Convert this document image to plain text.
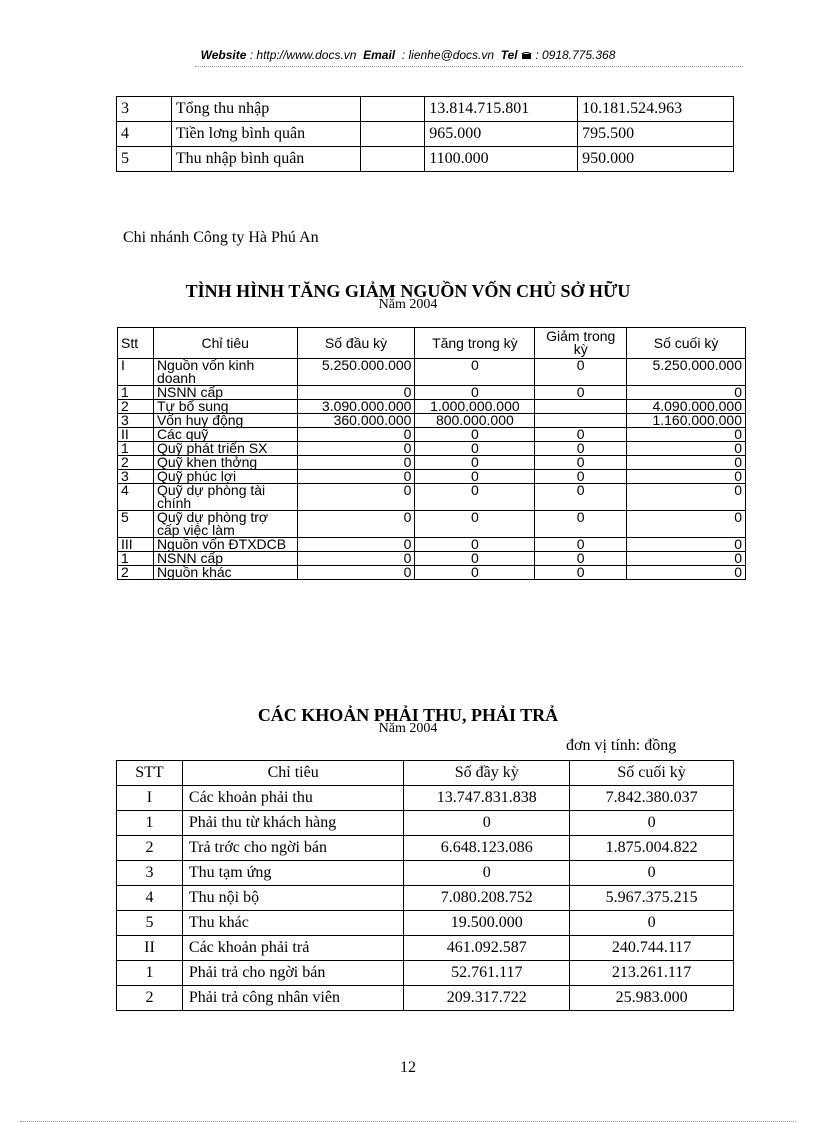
Website : http://www.docs.vn Email : lienhe@docs.vn Tel : 0918.775.368
3	Tổng thu nhập		13.814.715.801	10.181.524.963
4	Tiền lơng bình quân		965.000	795.500
5	Thu nhập bình quân		1100.000	950.000
Chi nhánh Công ty Hà Phú An
TÌNH HÌNH TĂNG GIẢM NGUỒN VỐN CHỦ SỞ HỮU
Năm 2004
Stt	Chỉ tiêu	Số đầu kỳ	Tăng trong kỳ	Giảm trong kỳ	Số cuối kỳ
I	Nguồn vốn kinh doanh	5.250.000.000	0	0	5.250.000.000
1	NSNN cấp	0	0	0	0
2	Tự bổ sung	3.090.000.000	1.000.000.000		4.090.000.000
3	Vốn huy động	360.000.000	800.000.000		1.160.000.000
II	Các quỹ	0	0	0	0
1	Quỹ phát triển SX	0	0	0	0
2	Quỹ khen thởng	0	0	0	0
3	Quỹ phúc lợi	0	0	0	0
4	Quỹ dự phòng tài chính	0	0	0	0
5	Quỹ dự phòng trợ cấp việc làm	0	0	0	0
III	Nguồn vốn ĐTXDCB	0	0	0	0
1	NSNN cấp	0	0	0	0
2	Nguồn khác	0	0	0	0
CÁC KHOẢN PHẢI THU, PHẢI TRẢ
Năm 2004
đơn vị tính: đồng
STT	Chỉ tiêu	Số đầy kỳ	Số cuối kỳ
I	Các khoản phải thu	13.747.831.838	7.842.380.037
1	Phải thu từ khách hàng	0	0
2	Trả trớc cho ngời bán	6.648.123.086	1.875.004.822
3	Thu tạm ứng	0	0
4	Thu nội bộ	7.080.208.752	5.967.375.215
5	Thu khác	19.500.000	0
II	Các khoản phải trả	461.092.587	240.744.117
1	Phải trả cho ngời bán	52.761.117	213.261.117
2	Phải trả công nhân viên	209.317.722	25.983.000
12
